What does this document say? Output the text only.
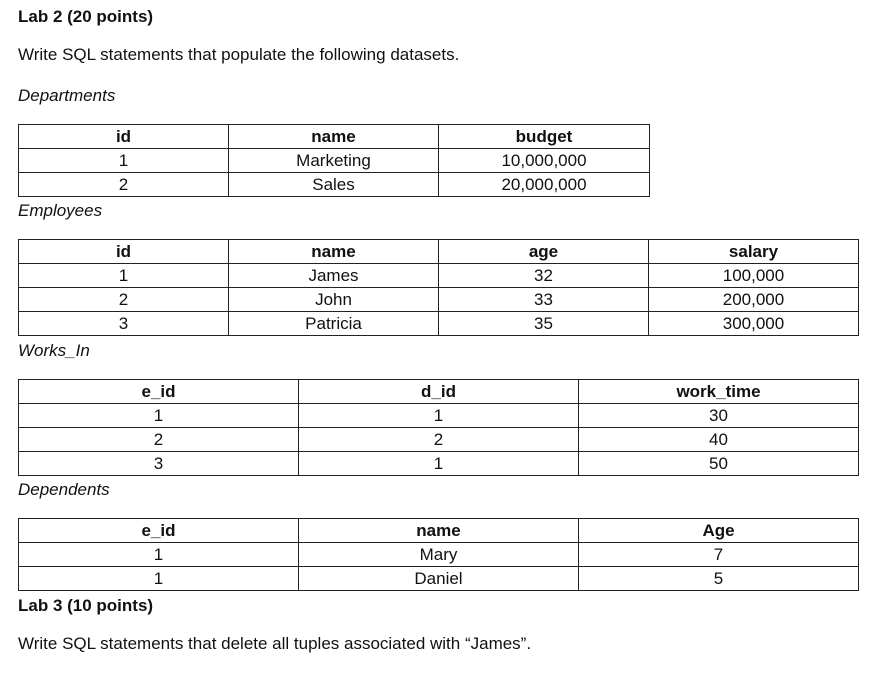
Lab 2 (20 points)
Write SQL statements that populate the following datasets.
Departments
id	name	budget
1	Marketing	10,000,000
2	Sales	20,000,000
Employees
id	name	age	salary
1	James	32	100,000
2	John	33	200,000
3	Patricia	35	300,000
Works_In
e_id	d_id	work_time
1	1	30
2	2	40
3	1	50
Dependents
e_id	name	Age
1	Mary	7
1	Daniel	5
Lab 3 (10 points)
Write SQL statements that delete all tuples associated with “James”.
